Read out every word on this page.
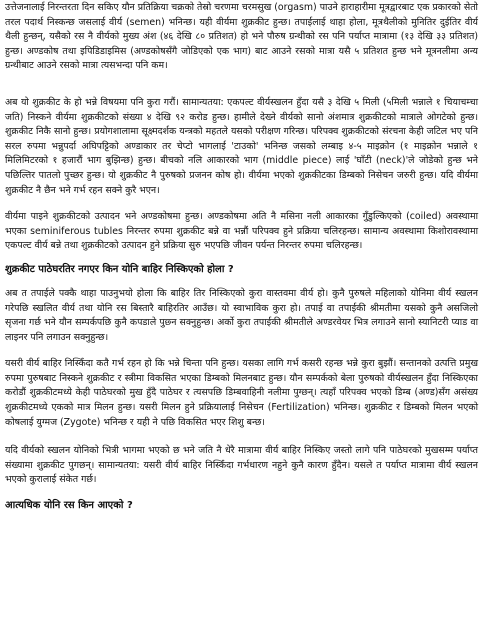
उत्तेजनालाई निरन्तरता दिन सकिए यौन प्रतिक्रिया चक्रको तेस्रो चरणमा चरमसुख (orgasm) पाउने हाराहारीमा मूत्रद्वारबाट एक प्रकारको सेतो तरल पदार्थ निस्कन्छ जसलाई वीर्य (semen) भनिन्छ। यही वीर्यमा शुक्रकीट हुन्छ। तपाईलाई थाहा होला, मूत्रथैलीको मुनितिर दुईतिर वीर्य थैली हुन्छन्, यसैको रस नै वीर्यको मुख्य अंश (४६ देखि ८० प्रतिशत) हो भने पौरुष ग्रन्थीको रस पनि पर्याप्त मात्रामा (१३ देखि ३३ प्रतिशत) हुन्छ। अण्डकोष तथा इपिडिडाइमिस (अण्डकोषसँगै जोडिएको एक भाग) बाट आउने रसको मात्रा यसै ५ प्रतिशत हुन्छ भने मूत्रनलीमा अन्य ग्रन्थीबाट आउने रसको मात्रा त्यसभन्दा पनि कम।

अब यो शुक्रकीट के हो भन्ने विषयमा पनि कुरा गरौं। सामान्यतया: एकपल्ट वीर्यस्खलन हुँदा यसै ३ देखि ५ मिली (५मिली भन्नाले १ चियाचम्चा जति) निस्कने वीर्यमा शुक्रकीटको संख्या ४ देखि ९२ करोड हुन्छ। हामीले देख्ने वीर्यको सानो अंशमात्र शुक्रकीटको मात्राले ओगटेको हुन्छ। शुक्रकीट निकै सानो हुन्छ। प्रयोगशालामा सूक्ष्मदर्शक यन्त्रको महतले यसको परीक्षण गरिन्छ। परिपक्व शुक्रकीटको संरचना केही जटिल भए पनि सरल रुपमा भन्नुपर्दा अघिपट्टिको अण्डाकार तर चेप्टो भागलाई 'टाउको' भनिन्छ जसको लम्बाइ ४-५ माइक्रोन (१ माइक्रोन भन्नाले १ मिलिमिटरको १ हजारौं भाग बुझिन्छ) हुन्छ। बीचको नलि आकारको भाग (middle piece) लाई 'घाँटी (neck)'ले जोडेको हुन्छ भने पछिल्तिर पातलो पुच्छर हुन्छ। यो शुक्रकीट नै पुरुषको प्रजनन कोष हो। वीर्यमा भएको शुक्रकीटका डिम्बको निसेचन जरुरी हुन्छ। यदि वीर्यमा शुक्रकीट नै छैन भने गर्भ रहन सक्ने कुरै भएन।

वीर्यमा पाइने शुक्रकीटको उत्पादन भने अण्डकोषमा हुन्छ। अण्डकोषमा अति नै मसिना नली आकारका गुँडुल्किएको (coiled) अवस्थामा भएका seminiferous tubles निरन्तर रुपमा शुक्रकीट बन्ने वा भन्नौं परिपक्व हुने प्रक्रिया चलिरहन्छ। सामान्य अवस्थामा किशोरावस्थामा एकपल्ट वीर्य बन्ने तथा शुक्रकीटको उत्पादन हुने प्रक्रिया सुरु भएपछि जीवन पर्यन्त निरन्तर रुपमा चलिरहन्छ।

शुक्रकीट पाठेघरतिर नगएर किन योनि बाहिर निस्किएको होला ?

अब त तपाईले पक्कै थाहा पाउनुभयो होला कि बाहिर तिर निस्किएको कुरा वास्तवमा वीर्य हो। कुनै पुरुषले महिलाको योनिमा वीर्य स्खलन गरेपछि स्खलित वीर्य तथा योनि रस बिस्तारै बाहिरतिर आउँछ। यो स्वाभाविक कुरा हो। तपाई वा तपाईकी श्रीमतीमा यसको कुनै असजिलो सृजना गर्छ भने यौन सम्पर्कपछि कुनै कपडाले पुछ्न सक्नुहुन्छ। अर्को कुरा तपाईकी श्रीमतीले अण्डरवेयर भित्र लगाउने सानो स्यानिटरी प्याड वा लाइनर पनि लगाउन सक्नुहुन्छ।

यसरी वीर्य बाहिर निस्किँदा कतै गर्भ रहन हो कि भन्ने चिन्ता पनि हुन्छ। यसका लागि गर्भ कसरी रहन्छ भन्ने कुरा बुझौं। सन्तानको उत्पत्ति प्रमुख रुपमा पुरुषबाट निस्कने शुक्रकीट र स्त्रीमा विकसित भएका डिम्बको मिलनबाट हुन्छ। यौन सम्पर्कको बेला पुरुषको वीर्यस्खलन हुँदा निस्किएका करोडौं शुक्रकीटमध्ये केही पाठेघरको मुख हुँदै पाठेघर र त्यसपछि डिम्बवाहिनी नलीमा पुग्छन्। त्यहाँ परिपक्व भएको डिम्ब (अण्ड)सँग असंख्य शुक्रकीटमध्ये एकको मात्र मिलन हुन्छ। यसरी मिलन हुने प्रक्रियालाई निसेचन (Fertilization) भनिन्छ। शुक्रकीट र डिम्बको मिलन भएको कोषलाई युग्मज (Zygote) भनिन्छ र यही ने पछि विकसित भएर शिशु बन्छ।

यदि वीर्यको स्खलन योनिको भित्री भागमा भएको छ भने जति नै धेरै मात्रामा वीर्य बाहिर निस्किए जस्तो लागे पनि पाठेघरको मुखसम्म पर्याप्त संख्यामा शुक्रकीट पुगछन्। सामान्यतया: यसरी वीर्य बाहिर निस्किँदा गर्भधारण नहुने कुनै कारण हुँदैन। यसले त पर्याप्त मात्रामा वीर्य स्खलन भएको कुरालाई संकेत गर्छ।

आत्यधिक योनि रस किन आएको ?
